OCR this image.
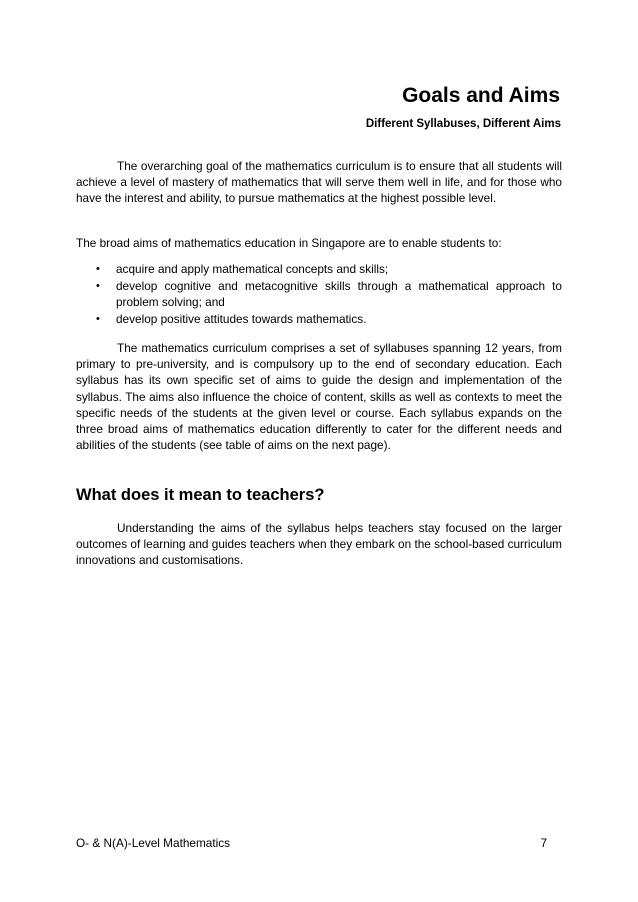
Goals and Aims
Different Syllabuses, Different Aims

The overarching goal of the mathematics curriculum is to ensure that all students will achieve a level of mastery of mathematics that will serve them well in life, and for those who have the interest and ability, to pursue mathematics at the highest possible level.

The broad aims of mathematics education in Singapore are to enable students to:

• acquire and apply mathematical concepts and skills;
• develop cognitive and metacognitive skills through a mathematical approach to problem solving; and
• develop positive attitudes towards mathematics.

The mathematics curriculum comprises a set of syllabuses spanning 12 years, from primary to pre-university, and is compulsory up to the end of secondary education. Each syllabus has its own specific set of aims to guide the design and implementation of the syllabus. The aims also influence the choice of content, skills as well as contexts to meet the specific needs of the students at the given level or course. Each syllabus expands on the three broad aims of mathematics education differently to cater for the different needs and abilities of the students (see table of aims on the next page).

What does it mean to teachers?

Understanding the aims of the syllabus helps teachers stay focused on the larger outcomes of learning and guides teachers when they embark on the school-based curriculum innovations and customisations.

O- & N(A)-Level Mathematics	7
